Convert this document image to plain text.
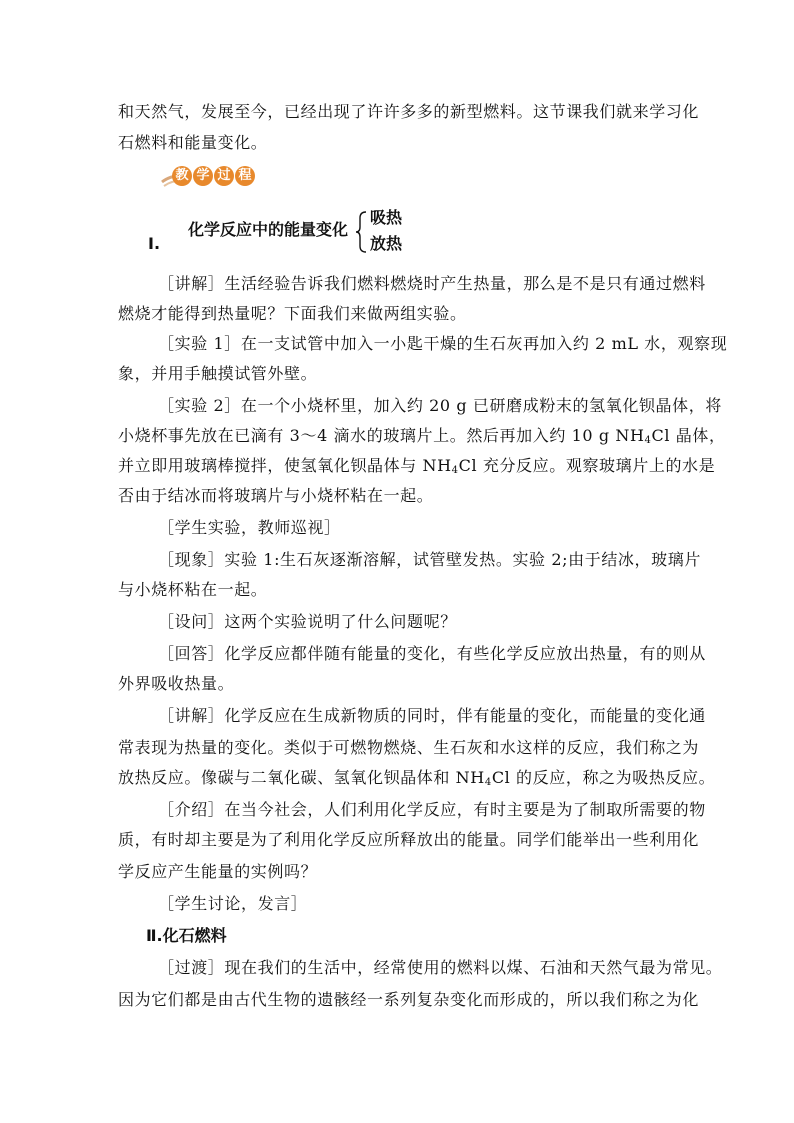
和天然气，发展至今，已经出现了许许多多的新型燃料。这节课我们就来学习化
石燃料和能量变化。
教 学 过 程
Ⅰ.
化学反应中的能量变化
吸热
放热
［讲解］生活经验告诉我们燃料燃烧时产生热量，那么是不是只有通过燃料
燃烧才能得到热量呢？下面我们来做两组实验。
［实验 1］在一支试管中加入一小匙干燥的生石灰再加入约 2 mL 水，观察现
象，并用手触摸试管外壁。
［实验 2］在一个小烧杯里，加入约 20 g 已研磨成粉末的氢氧化钡晶体，将
小烧杯事先放在已滴有 3～4 滴水的玻璃片上。然后再加入约 10 g $NH_4Cl$ 晶体，
并立即用玻璃棒搅拌，使氢氧化钡晶体与 $NH_4Cl$ 充分反应。观察玻璃片上的水是
否由于结冰而将玻璃片与小烧杯粘在一起。
［学生实验，教师巡视］
［现象］实验 1:生石灰逐渐溶解，试管壁发热。实验 2;由于结冰，玻璃片
与小烧杯粘在一起。
［设问］这两个实验说明了什么问题呢？
［回答］化学反应都伴随有能量的变化，有些化学反应放出热量，有的则从
外界吸收热量。
［讲解］化学反应在生成新物质的同时，伴有能量的变化，而能量的变化通
常表现为热量的变化。类似于可燃物燃烧、生石灰和水这样的反应，我们称之为
放热反应。像碳与二氧化碳、氢氧化钡晶体和 $NH_4Cl$ 的反应，称之为吸热反应。
［介绍］在当今社会，人们利用化学反应，有时主要是为了制取所需要的物
质，有时却主要是为了利用化学反应所释放出的能量。同学们能举出一些利用化
学反应产生能量的实例吗？
［学生讨论，发言］
Ⅱ.化石燃料
［过渡］现在我们的生活中，经常使用的燃料以煤、石油和天然气最为常见。
因为它们都是由古代生物的遗骸经一系列复杂变化而形成的，所以我们称之为化
